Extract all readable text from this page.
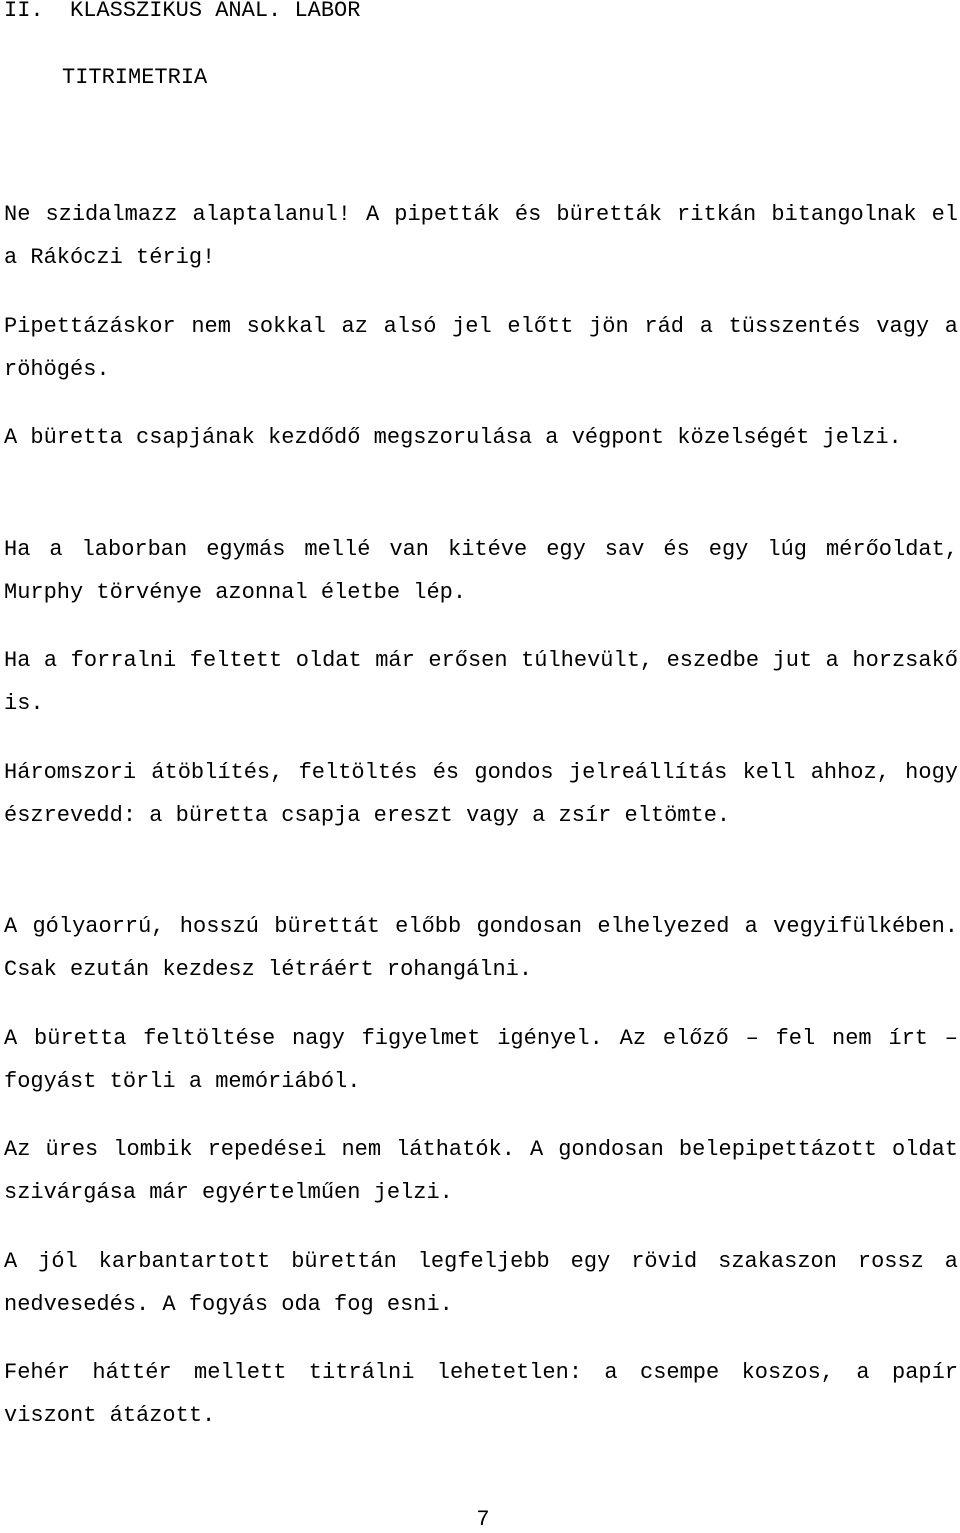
II.  KLASSZIKUS ANAL. LABOR
TITRIMETRIA

Ne szidalmazz alaptalanul! A pipetták és büretták ritkán bitangolnak el a Rákóczi térig!

Pipettázáskor nem sokkal az alsó jel előtt jön rád a tüsszentés vagy a röhögés.

A büretta csapjának kezdődő megszorulása a végpont közelségét jelzi.

Ha a laborban egymás mellé van kitéve egy sav és egy lúg mérőoldat, Murphy törvénye azonnal életbe lép.

Ha a forralni feltett oldat már erősen túlhevült, eszedbe jut a horzsakő is.

Háromszori átöblítés, feltöltés és gondos jelreállítás kell ahhoz, hogy észrevedd: a büretta csapja ereszt vagy a zsír eltömte.

A gólyaorrú, hosszú bürettát előbb gondosan elhelyezed a vegyifülkében. Csak ezután kezdesz létráért rohangálni.

A büretta feltöltése nagy figyelmet igényel. Az előző – fel nem írt – fogyást törli a memóriából.

Az üres lombik repedései nem láthatók. A gondosan belepipettázott oldat szivárgása már egyértelműen jelzi.

A jól karbantartott bürettán legfeljebb egy rövid szakaszon rossz a nedvesedés. A fogyás oda fog esni.

Fehér háttér mellett titrálni lehetetlen: a csempe koszos, a papír viszont átázott.

7
